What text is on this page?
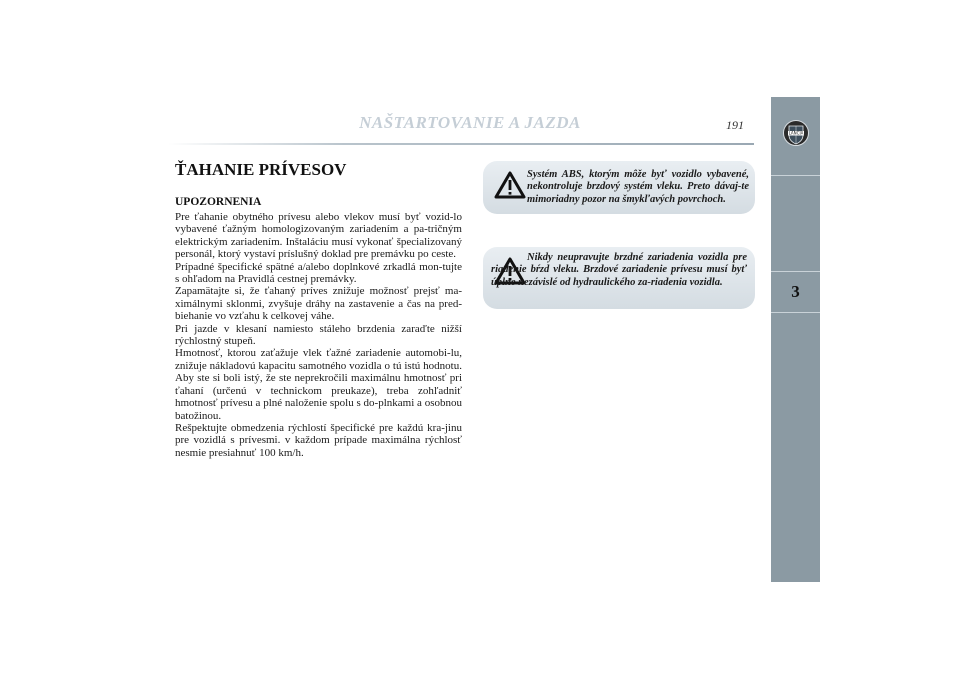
NAŠTARTOVANIE A JAZDA	191
LANCIA
3
ŤAHANIE PRÍVESOV
UPOZORNENIA

Pre ťahanie obytného prívesu alebo vlekov musí byť vozid-lo vybavené ťažným homologizovaným zariadením a pa-tričným elektrickým zariadením. Inštaláciu musí vykonať špecializovaný personál, ktorý vystaví príslušný doklad pre premávku po ceste.

Prípadné špecifické spätné a/alebo doplnkové zrkadlá mon-tujte s ohľadom na Pravidlá cestnej premávky.

Zapamätajte si, že ťahaný príves znižuje možnosť prejsť ma-ximálnymi sklonmi, zvyšuje dráhy na zastavenie a čas na pred-biehanie vo vzťahu k celkovej váhe.

Pri jazde v klesaní namiesto stáleho brzdenia zaraďte nižší rýchlostný stupeň.

Hmotnosť, ktorou zaťažuje vlek ťažné zariadenie automobi-lu, znižuje nákladovú kapacitu samotného vozidla o tú istú hodnotu. Aby ste si boli istý, že ste neprekročili maximálnu hmotnosť pri ťahaní (určenú v technickom preukaze), treba zohľadniť hmotnosť prívesu a plné naloženie spolu s do-plnkami a osobnou batožinou.

Rešpektujte obmedzenia rýchlostí špecifické pre každú kra-jinu pre vozidlá s prívesmi. v každom prípade maximálna rýchlosť nesmie presiahnuť 100 km/h.

Systém ABS, ktorým môže byť vozidlo vybavené, nekontroluje brzdový systém vleku. Preto dávaj-te mimoriadny pozor na šmykľavých povrchoch.
Nikdy neupravujte brzdné zariadenia vozidla pre riadenie bŕzd vleku. Brzdové zariadenie prívesu musí byť úplne nezávislé od hydraulického za-riadenia vozidla.
